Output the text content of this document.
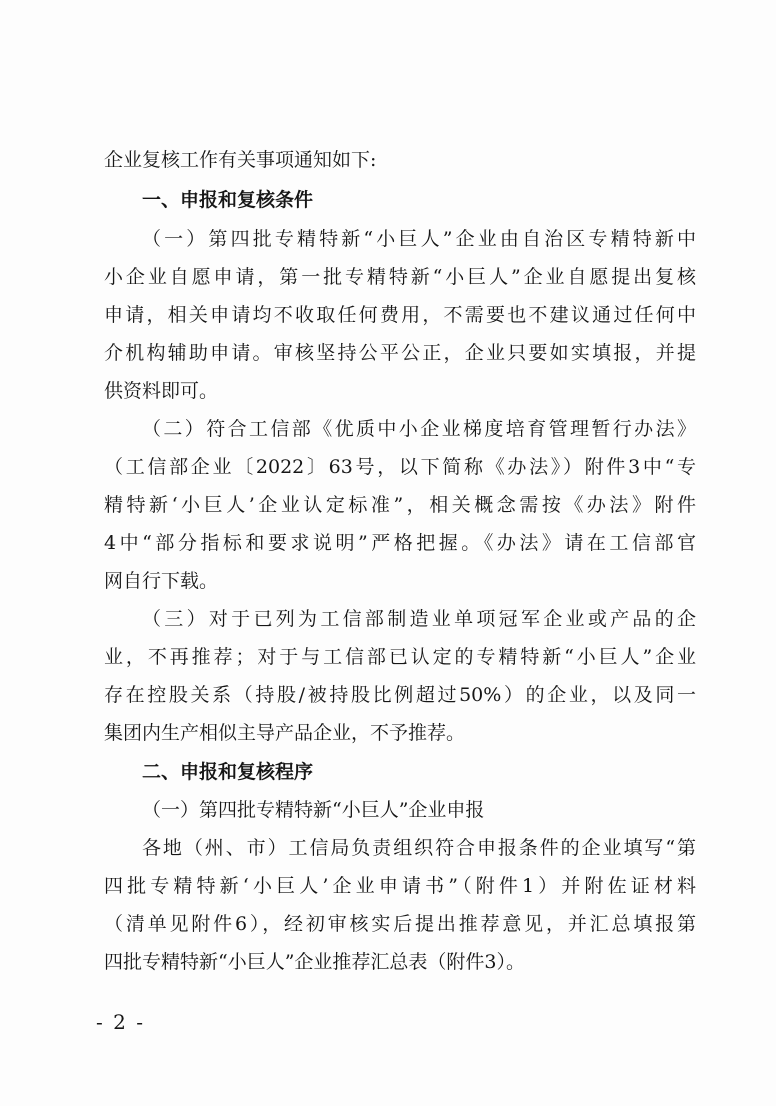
企业复核工作有关事项通知如下:
一、申报和复核条件
（一）第四批专精特新“小巨人”企业由自治区专精特新中
小企业自愿申请，第一批专精特新“小巨人”企业自愿提出复核
申请，相关申请均不收取任何费用，不需要也不建议通过任何中
介机构辅助申请。审核坚持公平公正，企业只要如实填报，并提
供资料即可。
（二）符合工信部《优质中小企业梯度培育管理暂行办法》
（工信部企业〔2022〕63号，以下简称《办法》）附件3中“专
精特新‘小巨人’企业认定标准”，相关概念需按《办法》附件
4中“部分指标和要求说明”严格把握。《办法》请在工信部官
网自行下载。
（三）对于已列为工信部制造业单项冠军企业或产品的企
业，不再推荐；对于与工信部已认定的专精特新“小巨人”企业
存在控股关系（持股/被持股比例超过50%）的企业，以及同一
集团内生产相似主导产品企业，不予推荐。
二、申报和复核程序
（一）第四批专精特新“小巨人”企业申报
各地（州、市）工信局负责组织符合申报条件的企业填写“第
四批专精特新‘小巨人’企业申请书”（附件1）并附佐证材料
（清单见附件6），经初审核实后提出推荐意见，并汇总填报第
四批专精特新“小巨人”企业推荐汇总表（附件3）。
- 2 -
